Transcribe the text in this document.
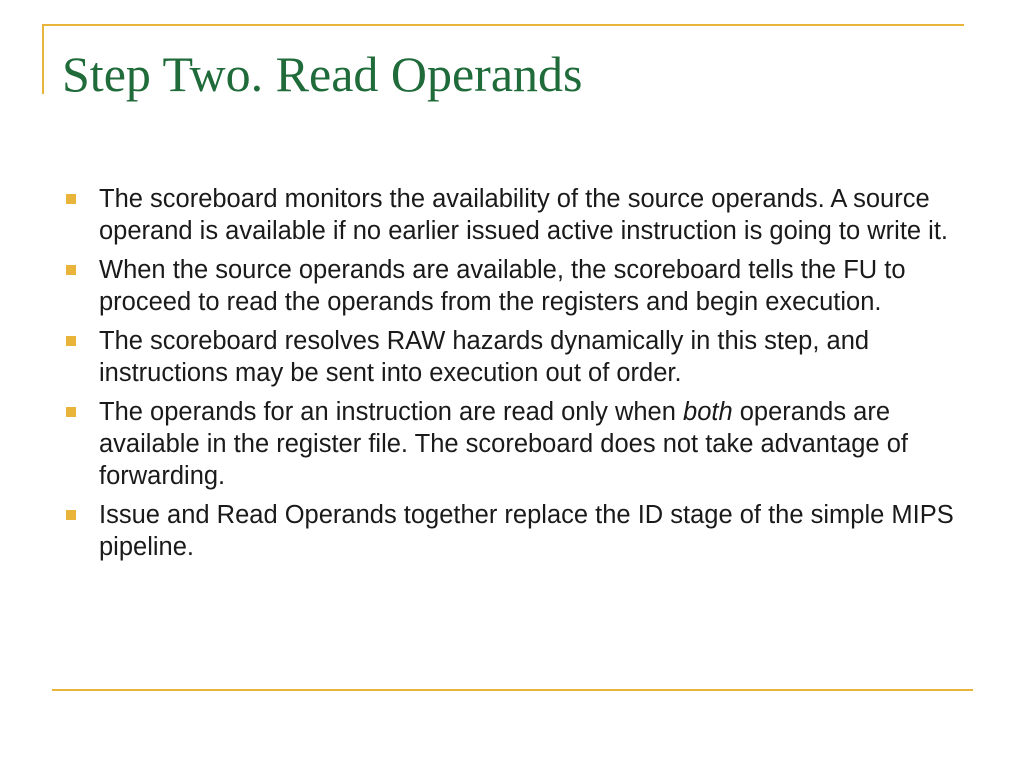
Step Two. Read Operands
The scoreboard monitors the availability of the source operands. A source operand is available if no earlier issued active instruction is going to write it.
When the source operands are available, the scoreboard tells the FU to proceed to read the operands from the registers and begin execution.
The scoreboard resolves RAW hazards dynamically in this step, and instructions may be sent into execution out of order.
The operands for an instruction are read only when both operands are available in the register file. The scoreboard does not take advantage of forwarding.
Issue and Read Operands together replace the ID stage of the simple MIPS pipeline.
